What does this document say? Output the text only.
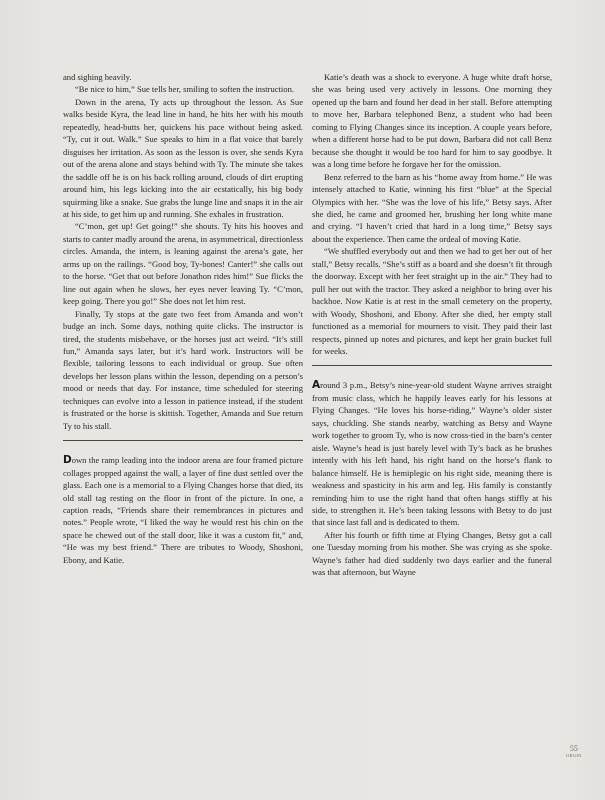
and sighing heavily.

“Be nice to him,” Sue tells her, smiling to soften the instruction.

Down in the arena, Ty acts up throughout the lesson. As Sue walks beside Kyra, the lead line in hand, he hits her with his mouth repeatedly, head-butts her, quickens his pace without being asked. “Ty, cut it out. Walk.” Sue speaks to him in a flat voice that barely disguises her irritation. As soon as the lesson is over, she sends Kyra out of the arena alone and stays behind with Ty. The minute she takes the saddle off he is on his back rolling around, clouds of dirt erupting around him, his legs kicking into the air ecstatically, his big body squirming like a snake. Sue grabs the lunge line and snaps it in the air at his side, to get him up and running. She exhales in frustration.

“C’mon, get up! Get going!” she shouts. Ty hits his hooves and starts to canter madly around the arena, in asymmetrical, directionless circles. Amanda, the intern, is leaning against the arena’s gate, her arms up on the railings. “Good boy, Ty-bones! Canter!” she calls out to the horse. “Get that out before Jonathon rides him!” Sue flicks the line out again when he slows, her eyes never leaving Ty. “C’mon, keep going. There you go!” She does not let him rest.

Finally, Ty stops at the gate two feet from Amanda and won’t budge an inch. Some days, nothing quite clicks. The instructor is tired, the students misbehave, or the horses just act weird. “It’s still fun,” Amanda says later, but it’s hard work. Instructors will be flexible, tailoring lessons to each individual or group. Sue often develops her lesson plans within the lesson, depending on a person’s mood or needs that day. For instance, time scheduled for steering techniques can evolve into a lesson in patience instead, if the student is frustrated or the horse is skittish. Together, Amanda and Sue return Ty to his stall.

Down the ramp leading into the indoor arena are four framed picture collages propped against the wall, a layer of fine dust settled over the glass. Each one is a memorial to a Flying Changes horse that died, its old stall tag resting on the floor in front of the picture. In one, a caption reads, “Friends share their remembrances in pictures and notes.” People wrote, “I liked the way he would rest his chin on the space he chewed out of the stall door, like it was a custom fit,” and, “He was my best friend.” There are tributes to Woody, Shoshoni, Ebony, and Katie.

Katie’s death was a shock to everyone. A huge white draft horse, she was being used very actively in lessons. One morning they opened up the barn and found her dead in her stall. Before attempting to move her, Barbara telephoned Benz, a student who had been coming to Flying Changes since its inception. A couple years before, when a different horse had to be put down, Barbara did not call Benz because she thought it would be too hard for him to say goodbye. It was a long time before he forgave her for the omission.

Benz referred to the barn as his “home away from home.” He was intensely attached to Katie, winning his first “blue” at the Special Olympics with her. “She was the love of his life,” Betsy says. After she died, he came and groomed her, brushing her long white mane and crying. “I haven’t cried that hard in a long time,” Betsy says about the experience. Then came the ordeal of moving Katie.

“We shuffled everybody out and then we had to get her out of her stall,” Betsy recalls. “She’s stiff as a board and she doesn’t fit through the doorway. Except with her feet straight up in the air.” They had to pull her out with the tractor. They asked a neighbor to bring over his backhoe. Now Katie is at rest in the small cemetery on the property, with Woody, Shoshoni, and Ebony. After she died, her empty stall functioned as a memorial for mourners to visit. They paid their last respects, pinned up notes and pictures, and kept her grain bucket full for weeks.

Around 3 p.m., Betsy’s nine-year-old student Wayne arrives straight from music class, which he happily leaves early for his lessons at Flying Changes. “He loves his horse-riding,” Wayne’s older sister says, chuckling. She stands nearby, watching as Betsy and Wayne work together to groom Ty, who is now cross-tied in the barn’s center aisle. Wayne’s head is just barely level with Ty’s back as he brushes intently with his left hand, his right hand on the horse’s flank to balance himself. He is hemiplegic on his right side, meaning there is weakness and spasticity in his arm and leg. His family is constantly reminding him to use the right hand that often hangs stiffly at his side, to strengthen it. He’s been taking lessons with Betsy to do just that since last fall and is dedicated to them.

After his fourth or fifth time at Flying Changes, Betsy got a call one Tuesday morning from his mother. She was crying as she spoke. Wayne’s father had died suddenly two days earlier and the funeral was that afternoon, but Wayne

55
ORGIN
